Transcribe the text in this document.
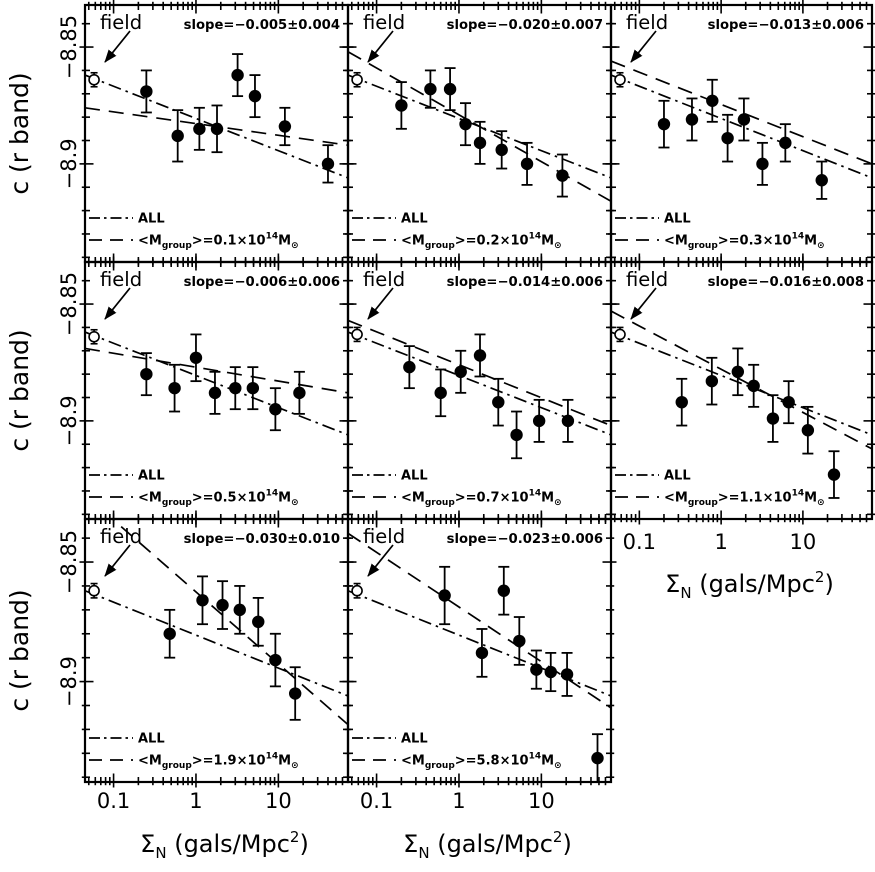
field	slope=−0.005±0.004
ALL
$<M_{group}>=0.1\times 10^{14}M_⊙$
−8.85
−8.9
c (r band)
field	slope=−0.020±0.007
ALL
$<M_{group}>=0.2\times 10^{14}M_⊙$
field	slope=−0.013±0.006
ALL
$<M_{group}>=0.3\times 10^{14}M_⊙$
field	slope=−0.006±0.006
ALL
$<M_{group}>=0.5\times 10^{14}M_⊙$
−8.85
−8.9
c (r band)
field	slope=−0.014±0.006
ALL
$<M_{group}>=0.7\times 10^{14}M_⊙$
field	slope=−0.016±0.008
ALL
$<M_{group}>=1.1\times 10^{14}M_⊙$
0.1	1	10
$\Sigma_N$ (gals/Mpc$^2$)
field	slope=−0.030±0.010
ALL
$<M_{group}>=1.9\times 10^{14}M_⊙$
−8.85
−8.9
c (r band)
0.1	1	10
$\Sigma_N$ (gals/Mpc$^2$)
field	slope=−0.023±0.006
ALL
$<M_{group}>=5.8\times 10^{14}M_⊙$
0.1	1	10
$\Sigma_N$ (gals/Mpc$^2$)
